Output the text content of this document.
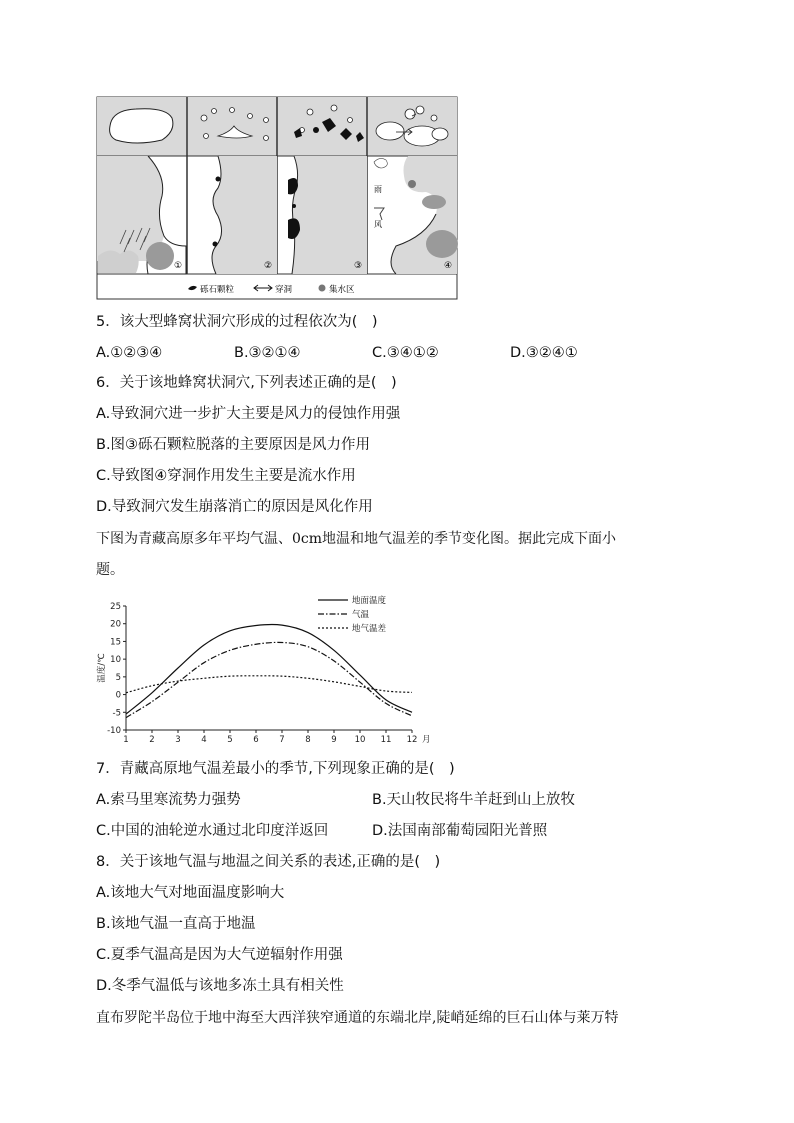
①	②	③	④
雨
风
砾石颗粒	穿洞	集水区
5．该大型蜂窝状洞穴形成的过程依次为(　)
A.①②③④	B.③②①④	C.③④①②	D.③②④①
6．关于该地蜂窝状洞穴,下列表述正确的是(　)
A.导致洞穴进一步扩大主要是风力的侵蚀作用强
B.图③砾石颗粒脱落的主要原因是风力作用
C.导致图④穿洞作用发生主要是流水作用
D.导致洞穴发生崩落消亡的原因是风化作用
下图为青藏高原多年平均气温、0cm地温和地气温差的季节变化图。据此完成下面小
题。
25
20
15
10
5
0
-5
-10
1 2 3 4 5 6 7 8 9 10 11 12 月
温度/℃
地面温度
气温
地气温差
7．青藏高原地气温差最小的季节,下列现象正确的是(　)
A.索马里寒流势力强势	B.天山牧民将牛羊赶到山上放牧
C.中国的油轮逆水通过北印度洋返回	D.法国南部葡萄园阳光普照
8．关于该地气温与地温之间关系的表述,正确的是(　)
A.该地大气对地面温度影响大
B.该地气温一直高于地温
C.夏季气温高是因为大气逆辐射作用强
D.冬季气温低与该地多冻土具有相关性
直布罗陀半岛位于地中海至大西洋狭窄通道的东端北岸,陡峭延绵的巨石山体与莱万特
